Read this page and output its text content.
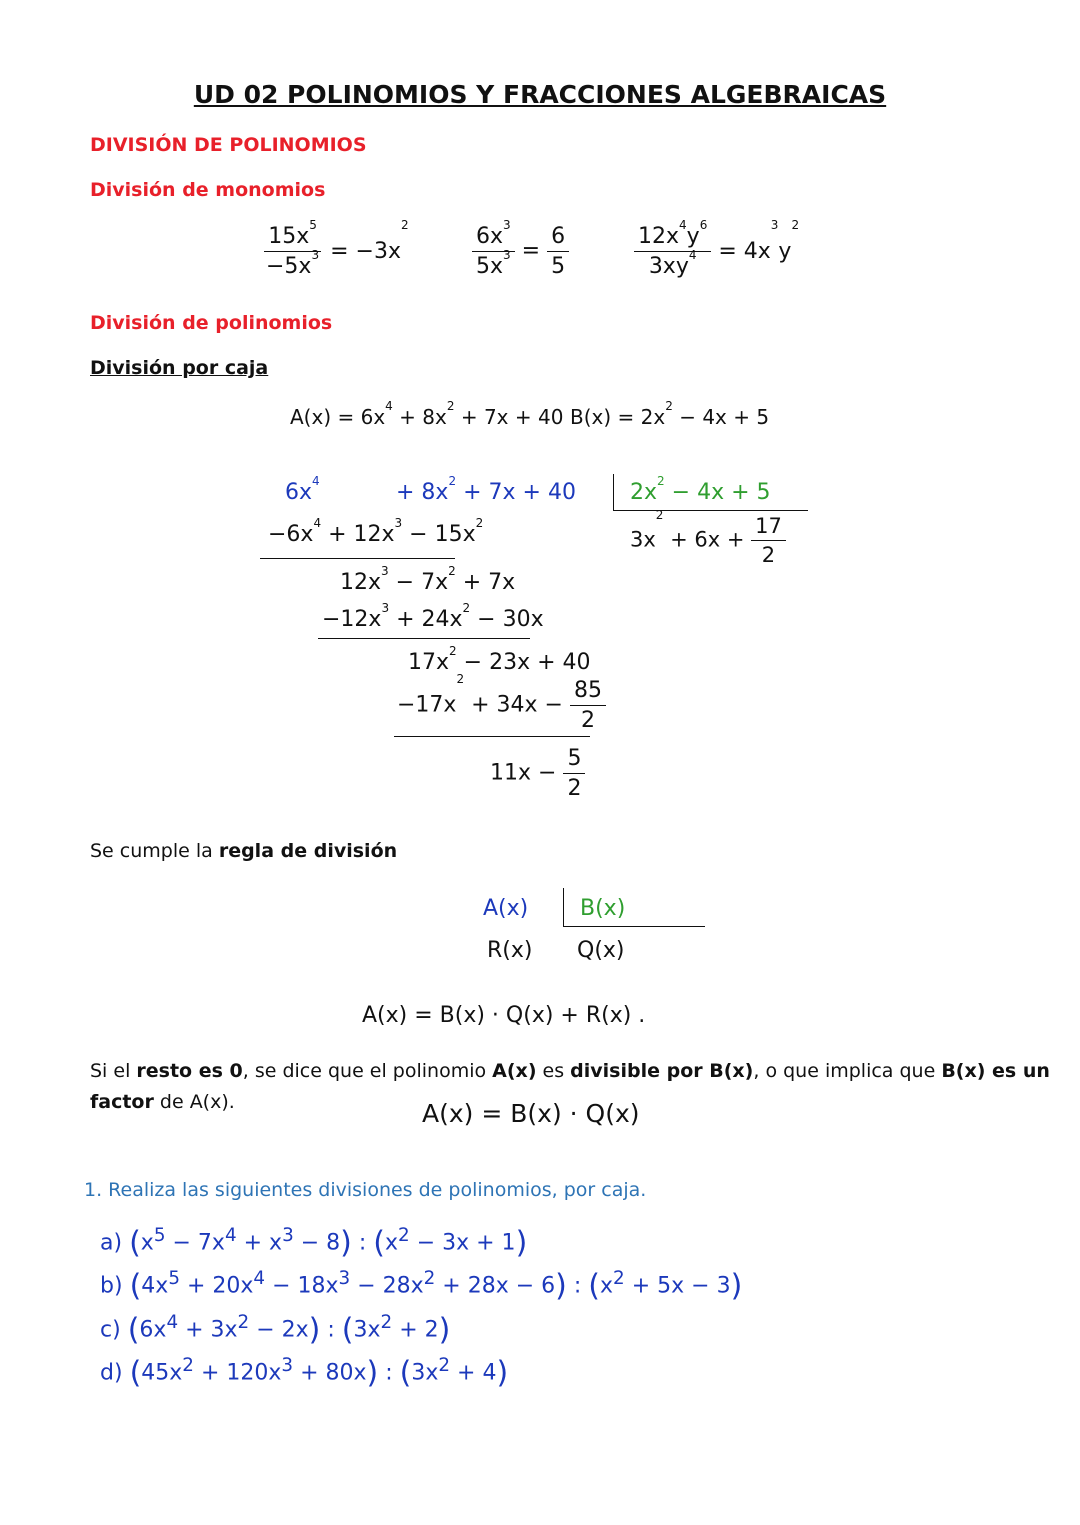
UD 02 POLINOMIOS Y FRACCIONES ALGEBRAICAS
DIVISIÓN DE POLINOMIOS
División de monomios
$\frac{15x^5}{-5x^3} = -3x^2$	$\frac{6x^3}{5x^3} = \frac{6}{5}$	$\frac{12x^4y^6}{3xy^4} = 4x^3y^2$
División de polinomios
División por caja
$A(x) = 6x^4 + 8x^2 + 7x + 40$ $B(x) = 2x^2 - 4x + 5$
$6x^4$	+ $8x^2 + 7x + 40$ $2x^2 - 4x + 5$
$3x^2 + 6x + \frac{17}{2}$
$-6x^4 + 12x^3 - 15x^2$
$12x^3 - 7x^2 + 7x$
$-12x^3 + 24x^2 - 30x$
$17x^2 - 23x + 40$
$-17x^2 + 34x - \frac{85}{2}$
$11x - \frac{5}{2}$
Se cumple la regla de división
A(x) B(x)
R(x) Q(x)
A(x) = B(x) · Q(x) + R(x) .
Si el resto es 0, se dice que el polinomio A(x) es divisible por B(x), o que implica que B(x) es un
factor de A(x).	A(x) = B(x) · Q(x)
1. Realiza las siguientes divisiones de polinomios, por caja.
a) $(x^5 - 7x^4 + x^3 - 8)$ : $(x^2 - 3x + 1)$
b) $(4x^5 + 20x^4 - 18x^3 - 28x^2 + 28x - 6)$ : $(x^2 + 5x - 3)$
c) $(6x^4 + 3x^2 - 2x)$ : $(3x^2 + 2)$
d) $(45x^2 + 120x^3 + 80x)$ : $(3x^2 + 4)$
